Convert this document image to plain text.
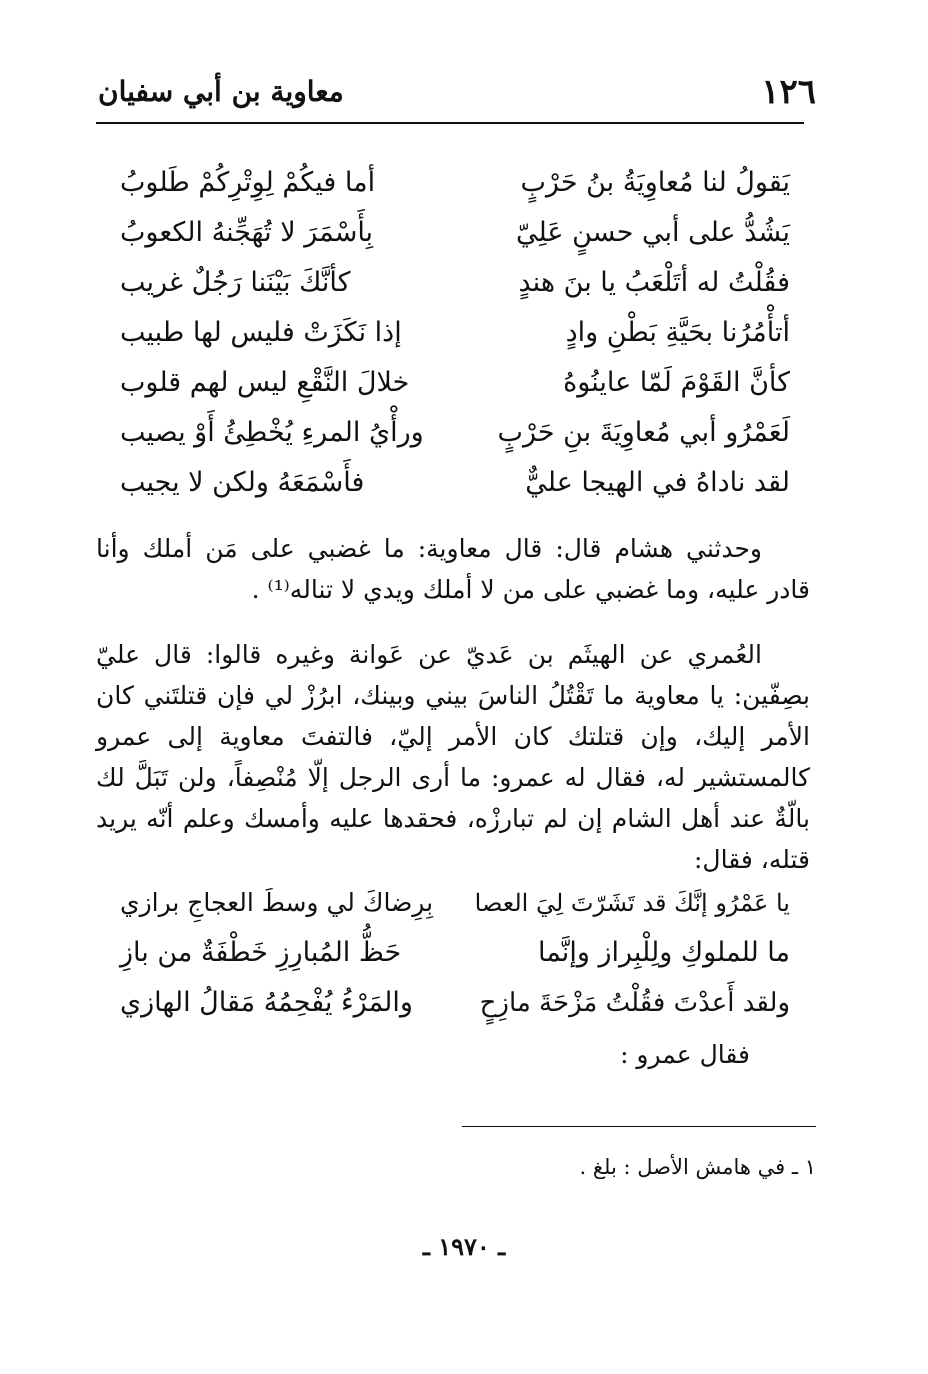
١٢٦
معاوية بن أبي سفيان
يَقولُ لنا مُعاوِيَةُ بنُ حَرْبٍ
أما فيكُمْ لِوِتْرِكُمْ طَلوبُ
يَشُدُّ على أبي حسنٍ عَلِيّ
بِأَسْمَرَ لا تُهَجِّنهُ الكعوبُ
فقُلْتُ له أتَلْعَبُ يا بنَ هندٍ
كأنَّكَ بَيْنَنا رَجُلٌ غريب
أتأْمُرُنا بحَيَّةِ بَطْنِ وادٍ
إذا نَكَزَتْ فليس لها طبيب
كأنَّ القَوْمَ لَمّا عاينُوهُ
خلالَ النَّقْعِ ليس لهم قلوب
لَعَمْرُو أبي مُعاوِيَةَ بنِ حَرْبٍ
ورأْيُ المرءِ يُخْطِئُ أَوْ يصيب
لقد ناداهُ في الهيجا عليٌّ
فأَسْمَعَهُ ولكن لا يجيب

وحدثني هشام قال: قال معاوية: ما غضبي على مَن أملك وأنا قادر عليه، وما غضبي على من لا أملك ويدي لا تناله⁽¹⁾ .

العُمري عن الهيثَم بن عَديّ عن عَوانة وغيره قالوا: قال عليّ بصِفّين: يا معاوية ما تَقْتُلُ الناسَ بيني وبينك، ابرُزْ لي فإن قتلتَني كان الأمر إليك، وإن قتلتك كان الأمر إليّ، فالتفتَ معاوية إلى عمرو كالمستشير له، فقال له عمرو: ما أرى الرجل إلّا مُنْصِفاً، ولن تَبَلَّ لك بالّةٌ عند أهل الشام إن لم تبارزْه، فحقدها عليه وأمسك وعلم أنّه يريد قتله، فقال:

يا عَمْرُو إنَّكَ قد تَشَرّتَ لِيَ العصا
بِرِضاكَ لي وسطَ العجاجِ برازي
ما للملوكِ ولِلْبِراز وإنَّما
حَظُّ المُبارِزِ خَطْفَةٌ من بازِ
ولقد أَعدْتَ فقُلْتُ مَزْحَةَ مازِحٍ
والمَرْءُ يُفْحِمُهُ مَقالُ الهازي
فقال عمرو :
١ ـ في هامش الأصل : بلغ .
ـ ١٩٧٠ ـ
